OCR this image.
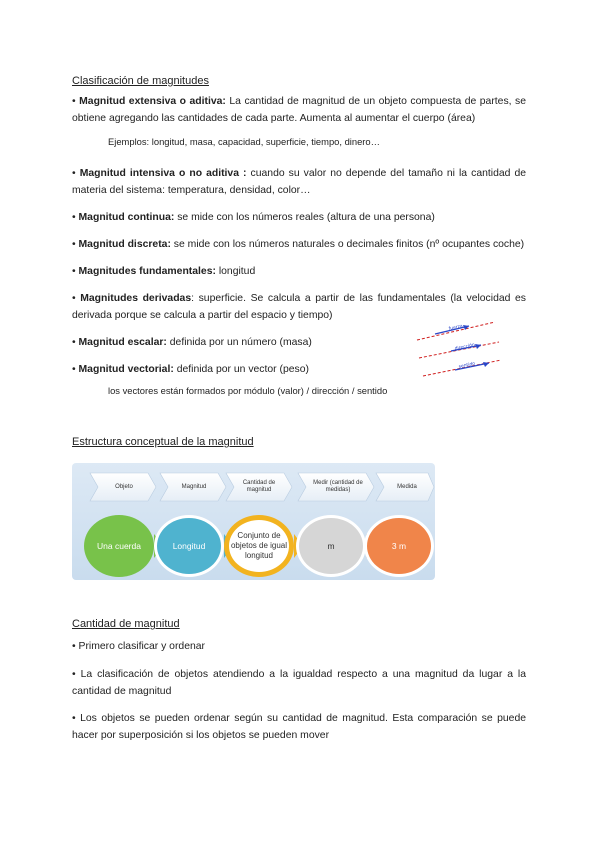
Clasificación de magnitudes
• Magnitud extensiva o aditiva: La cantidad de magnitud de un objeto compuesta de partes, se obtiene agregando las cantidades de cada parte. Aumenta al aumentar el cuerpo (área)
Ejemplos: longitud, masa, capacidad, superficie, tiempo, dinero…
• Magnitud intensiva o no aditiva : cuando su valor no depende del tamaño ni la cantidad de materia del sistema: temperatura, densidad, color…
• Magnitud continua: se mide con los números reales (altura de una persona)
• Magnitud discreta: se mide con los números naturales o decimales finitos (nº ocupantes coche)
• Magnitudes fundamentales: longitud
• Magnitudes derivadas: superficie. Se calcula a partir de las fundamentales (la velocidad es derivada porque se calcula a partir del espacio y tiempo)
• Magnitud escalar: definida por un número (masa)
• Magnitud vectorial: definida por un vector (peso)
los vectores están formados por módulo (valor) / dirección / sentido
fuerza
dirección
sentido
Estructura conceptual de la magnitud
Objeto	Magnitud
Cantidad de magnitud
Medir (cantidad de medidas)
Medida
Una cuerda	Longitud
Conjunto de objetos de igual longitud
m	3 m
Cantidad de magnitud
• Primero clasificar y ordenar
• La clasificación de objetos atendiendo a la igualdad respecto a una magnitud da lugar a la cantidad de magnitud
• Los objetos se pueden ordenar según su cantidad de magnitud. Esta comparación se puede hacer por superposición si los objetos se pueden mover
